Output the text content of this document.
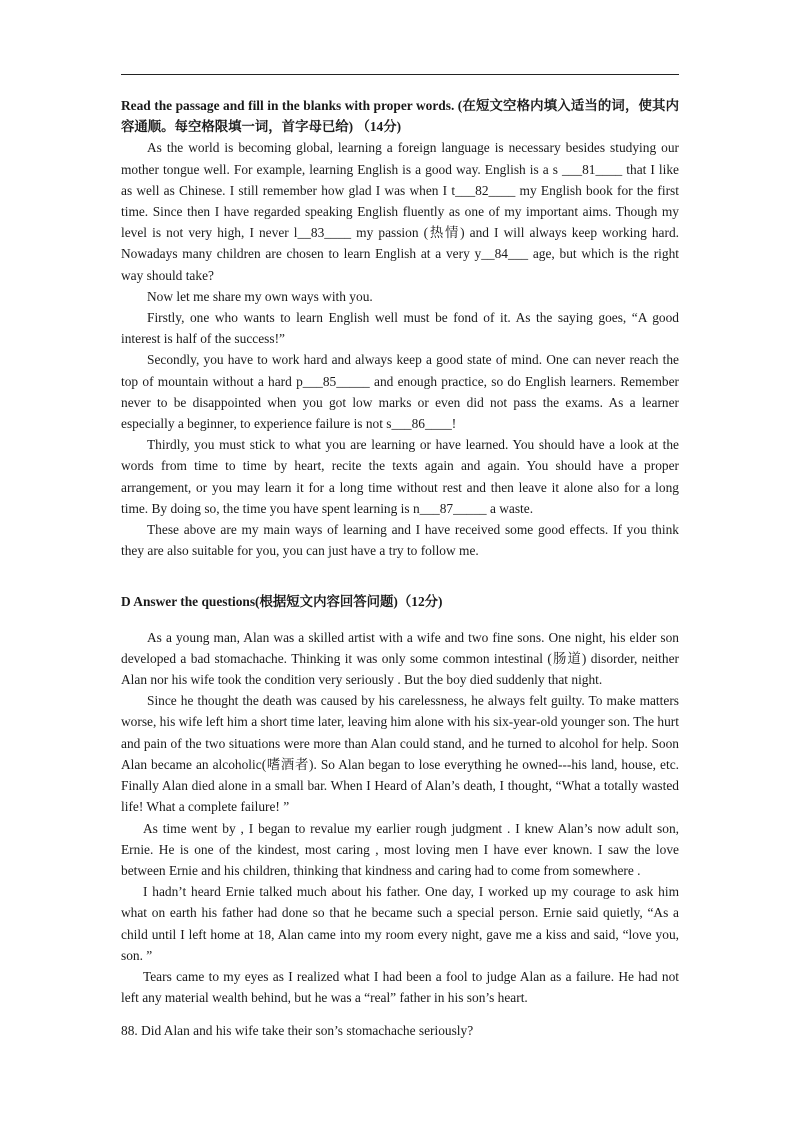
Read the passage and fill in the blanks with proper words. (在短文空格内填入适当的词，使其内容通顺。每空格限填一词，首字母已给) （14分)

As the world is becoming global, learning a foreign language is necessary besides studying our mother tongue well. For example, learning English is a good way. English is a s ___81____ that I like as well as Chinese. I still remember how glad I was when I t___82____ my English book for the first time. Since then I have regarded speaking English fluently as one of my important aims. Though my level is not very high, I never l__83____ my passion (热情) and I will always keep working hard. Nowadays many children are chosen to learn English at a very y__84___ age, but which is the right way should take?

Now let me share my own ways with you.

Firstly, one who wants to learn English well must be fond of it. As the saying goes, “A good interest is half of the success!”

Secondly, you have to work hard and always keep a good state of mind. One can never reach the top of mountain without a hard p___85_____ and enough practice, so do English learners. Remember never to be disappointed when you got low marks or even did not pass the exams. As a learner especially a beginner, to experience failure is not s___86____!

Thirdly, you must stick to what you are learning or have learned. You should have a look at the words from time to time by heart, recite the texts again and again. You should have a proper arrangement, or you may learn it for a long time without rest and then leave it alone also for a long time. By doing so, the time you have spent learning is n___87_____ a waste.

These above are my main ways of learning and I have received some good effects. If you think they are also suitable for you, you can just have a try to follow me.

D Answer the questions(根据短文内容回答问题)（12分)

As a young man, Alan was a skilled artist with a wife and two fine sons. One night, his elder son developed a bad stomachache. Thinking it was only some common intestinal (肠道) disorder, neither Alan nor his wife took the condition very seriously . But the boy died suddenly that night.

Since he thought the death was caused by his carelessness, he always felt guilty. To make matters worse, his wife left him a short time later, leaving him alone with his six-year-old younger son. The hurt and pain of the two situations were more than Alan could stand, and he turned to alcohol for help. Soon Alan became an alcoholic(嗜酒者). So Alan began to lose everything he owned---his land, house, etc. Finally Alan died alone in a small bar. When I Heard of Alan’s death, I thought, “What a totally wasted life! What a complete failure! ”

As time went by , I began to revalue my earlier rough judgment . I knew Alan’s now adult son, Ernie. He is one of the kindest, most caring , most loving men I have ever known. I saw the love between Ernie and his children, thinking that kindness and caring had to come from somewhere .

I hadn’t heard Ernie talked much about his father. One day, I worked up my courage to ask him what on earth his father had done so that he became such a special person. Ernie said quietly, “As a child until I left home at 18, Alan came into my room every night, gave me a kiss and said, “love you, son. ”

Tears came to my eyes as I realized what I had been a fool to judge Alan as a failure. He had not left any material wealth behind, but he was a “real” father in his son’s heart.

88. Did Alan and his wife take their son’s stomachache seriously?
